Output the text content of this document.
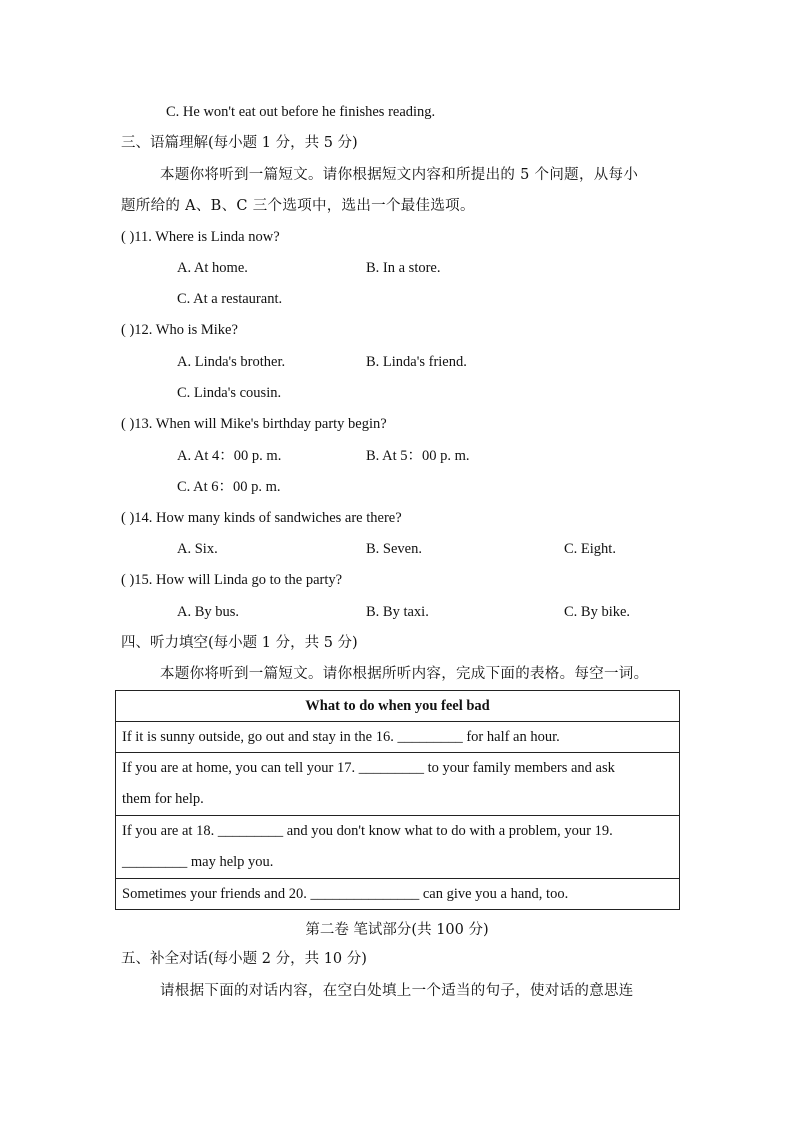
C. He won't eat out before he finishes reading.
三、语篇理解(每小题 1 分，共 5 分)
本题你将听到一篇短文。请你根据短文内容和所提出的 5 个问题，从每小
题所给的 A、B、C 三个选项中，选出一个最佳选项。
( )11. Where is Linda now?
A. At home.	B. In a store.
C. At a restaurant.
( )12. Who is Mike?
A. Linda's brother.	B. Linda's friend.
C. Linda's cousin.
( )13. When will Mike's birthday party begin?
A. At 4：00 p. m.	B. At 5：00 p. m.
C. At 6：00 p. m.
( )14. How many kinds of sandwiches are there?
A. Six.	B. Seven.	C. Eight.
( )15. How will Linda go to the party?
A. By bus.	B. By taxi.	C. By bike.
四、听力填空(每小题 1 分，共 5 分)
本题你将听到一篇短文。请你根据所听内容，完成下面的表格。每空一词。
What to do when you feel bad
If it is sunny outside, go out and stay in the 16. _________ for half an hour.

If you are at home, you can tell your 17. _________ to your family members and ask
them for help.

If you are at 18. _________ and you don't know what to do with a problem, your 19.
_________ may help you.

Sometimes your friends and 20. _______________ can give you a hand, too.
第二卷 笔试部分(共 100 分)
五、补全对话(每小题 2 分，共 10 分)
请根据下面的对话内容，在空白处填上一个适当的句子，使对话的意思连
